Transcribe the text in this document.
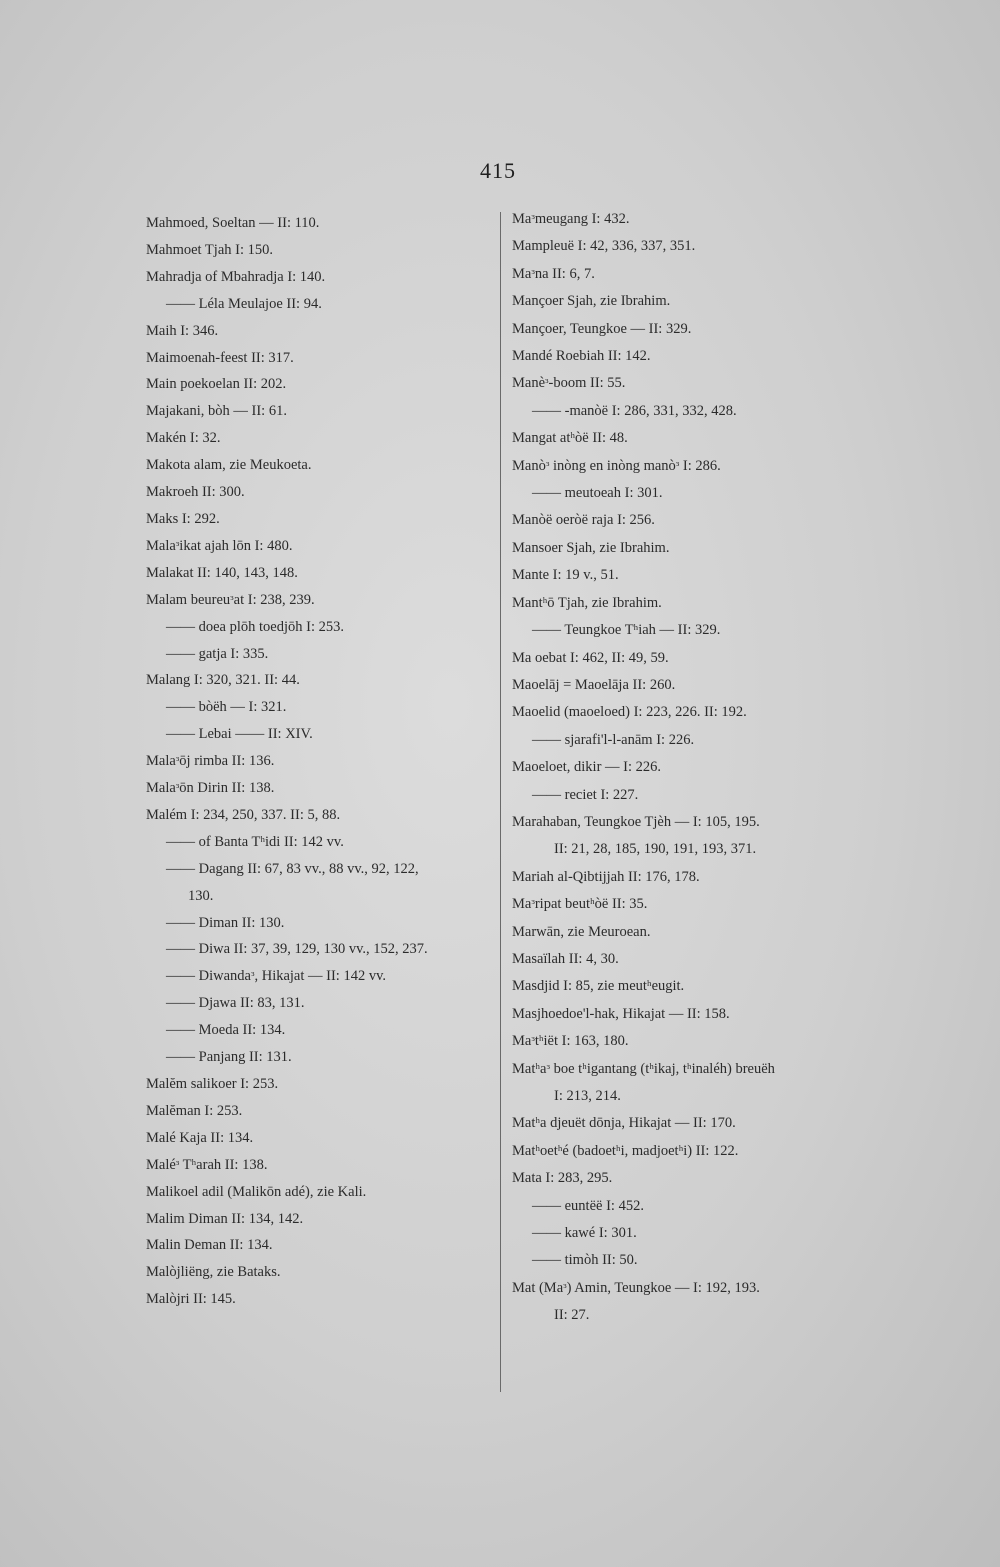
415
Mahmoed, Soeltan — II: 110.
Mahmoet Tjah I: 150.
Mahradja of Mbahradja I: 140.
—— Léla Meulajoe II: 94.
Maih I: 346.
Maimoenah-feest II: 317.
Main poekoelan II: 202.
Majakani, bòh — II: 61.
Makén I: 32.
Makota alam, zie Meukoeta.
Makroeh II: 300.
Maks I: 292.
Malaᶟikat ajah lōn I: 480.
Malakat II: 140, 143, 148.
Malam beureuᶟat I: 238, 239.
—— doea plōh toedjōh I: 253.
—— gatja I: 335.
Malang I: 320, 321. II: 44.
—— bòëh — I: 321.
—— Lebai —— II: XIV.
Malaᶟōj rimba II: 136.
Malaᶟōn Dirin II: 138.
Malém I: 234, 250, 337. II: 5, 88.
—— of Banta Tʰidi II: 142 vv.
—— Dagang II: 67, 83 vv., 88 vv., 92, 122,
130.
—— Diman II: 130.
—— Diwa II: 37, 39, 129, 130 vv., 152, 237.
—— Diwandaᶟ, Hikajat — II: 142 vv.
—— Djawa II: 83, 131.
—— Moeda II: 134.
—— Panjang II: 131.
Malĕm salikoer I: 253.
Malĕman I: 253.
Malé Kaja II: 134.
Maléᶟ Tʰarah II: 138.
Malikoel adil (Malikōn adé), zie Kali.
Malim Diman II: 134, 142.
Malin Deman II: 134.
Malòjliëng, zie Bataks.
Malòjri II: 145.
Maᶟmeugang I: 432.
Mampleuë I: 42, 336, 337, 351.
Maᶟna II: 6, 7.
Mançoer Sjah, zie Ibrahim.
Mançoer, Teungkoe — II: 329.
Mandé Roebiah II: 142.
Manèᶟ-boom II: 55.
—— -manòë I: 286, 331, 332, 428.
Mangat atʰòë II: 48.
Manòᶟ inòng en inòng manòᶟ I: 286.
—— meutoeah I: 301.
Manòë oeròë raja I: 256.
Mansoer Sjah, zie Ibrahim.
Mante I: 19 v., 51.
Mantʰō Tjah, zie Ibrahim.
—— Teungkoe Tʰiah — II: 329.
Ma oebat I: 462, II: 49, 59.
Maoelāj = Maoelāja II: 260.
Maoelid (maoeloed) I: 223, 226. II: 192.
—— sjarafi'l-l-anām I: 226.
Maoeloet, dikir — I: 226.
—— reciet I: 227.
Marahaban, Teungkoe Tjèh — I: 105, 195.
II: 21, 28, 185, 190, 191, 193, 371.
Mariah al-Qibtijjah II: 176, 178.
Maᶟripat beutʰòë II: 35.
Marwān, zie Meuroean.
Masaïlah II: 4, 30.
Masdjid I: 85, zie meutʰeugit.
Masjhoedoe'l-hak, Hikajat — II: 158.
Maᶟtʰiët I: 163, 180.
Matʰaᶟ boe tʰigantang (tʰikaj, tʰinaléh) breuëh
I: 213, 214.
Matʰa djeuët dōnja, Hikajat — II: 170.
Matʰoetʰé (badoetʰi, madjoetʰi) II: 122.
Mata I: 283, 295.
—— euntëë I: 452.
—— kawé I: 301.
—— timòh II: 50.
Mat (Maᶟ) Amin, Teungkoe — I: 192, 193.
II: 27.
